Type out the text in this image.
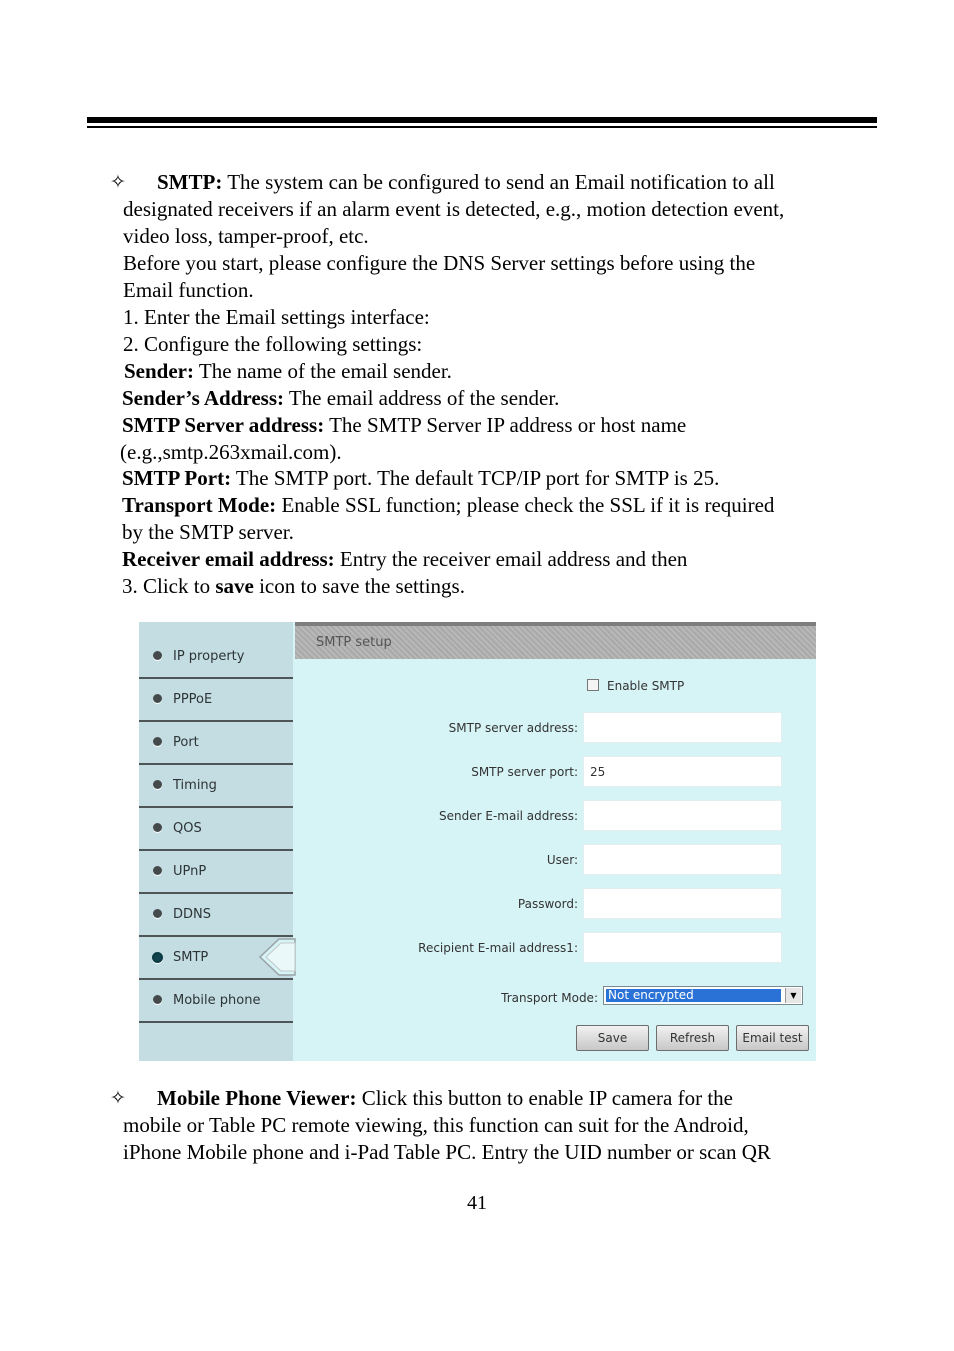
✧ SMTP: The system can be configured to send an Email notification to all
designated receivers if an alarm event is detected, e.g., motion detection event,
video loss, tamper-proof, etc.
Before you start, please configure the DNS Server settings before using the
Email function.
1. Enter the Email settings interface:
2. Configure the following settings:
Sender: The name of the email sender.
Sender’s Address: The email address of the sender.
SMTP Server address: The SMTP Server IP address or host name
(e.g.,smtp.263xmail.com).
SMTP Port: The SMTP port. The default TCP/IP port for SMTP is 25.
Transport Mode: Enable SSL function; please check the SSL if it is required
by the SMTP server.
Receiver email address: Entry the receiver email address and then
3. Click to save icon to save the settings.
IP property
PPPoE
Port
Timing
QOS
UPnP
DDNS
SMTP
Mobile phone
SMTP setup
Enable SMTP
SMTP server address:
SMTP server port:	25
Sender E-mail address:
User:
Password:
Recipient E-mail address1:
Transport Mode: Not encrypted	▼
Save	Refresh	Email test
✧ Mobile Phone Viewer: Click this button to enable IP camera for the
mobile or Table PC remote viewing, this function can suit for the Android,
iPhone Mobile phone and i-Pad Table PC. Entry the UID number or scan QR
41
